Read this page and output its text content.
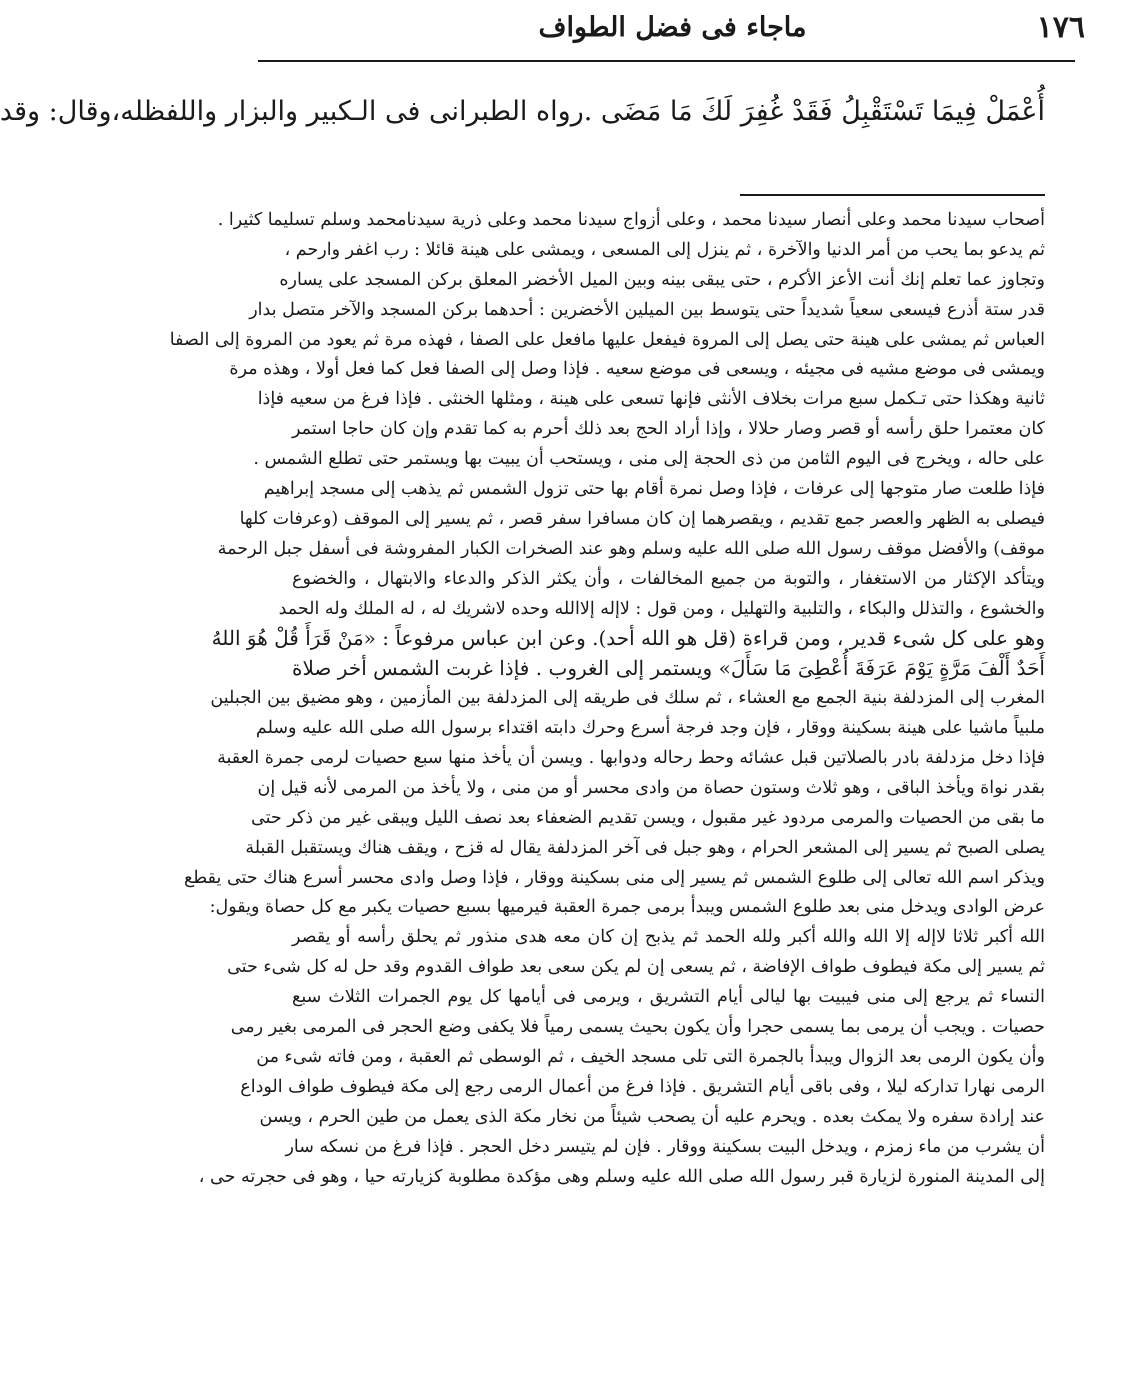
١٧٦
ماجاء فى فضل الطواف
أُعْمَلْ فِيمَا تَسْتَقْبِلُ فَقَدْ غُفِرَ لَكَ مَا مَضَى .رواه الطبرانى فى الـكبير والبزار واللفظله،وقال: وقد
أصحاب سيدنا محمد وعلى أنصار سيدنا محمد ، وعلى أزواج سيدنا محمد وعلى ذرية سيدنامحمد وسلم تسليما كثيرا .
ثم يدعو بما يحب من أمر الدنيا والآخرة ، ثم ينزل إلى المسعى ، ويمشى على هينة قائلا : رب اغفر وارحم ،
وتجاوز عما تعلم إنك أنت الأعز الأكرم ، حتى يبقى بينه وبين الميل الأخضر المعلق بركن المسجد على يساره
قدر ستة أذرع فيسعى سعياً شديداً حتى يتوسط بين الميلين الأخضرين : أحدهما بركن المسجد والآخر متصل بدار
العباس ثم يمشى على هينة حتى يصل إلى المروة فيفعل عليها مافعل على الصفا ، فهذه مرة ثم يعود من المروة إلى الصفا
ويمشى فى موضع مشيه فى مجيئه ، ويسعى فى موضع سعيه . فإذا وصل إلى الصفا فعل كما فعل أولا ، وهذه مرة
ثانية وهكذا حتى تـكمل سبع مرات بخلاف الأنثى فإنها تسعى على هينة ، ومثلها الخنثى . فإذا فرغ من سعيه فإذا
كان معتمرا حلق رأسه أو قصر وصار حلالا ، وإذا أراد الحج بعد ذلك أحرم به كما تقدم وإن كان حاجا استمر
على حاله ، ويخرج فى اليوم الثامن من ذى الحجة إلى منى ، ويستحب أن يبيت بها ويستمر حتى تطلع الشمس .
فإذا طلعت صار متوجها إلى عرفات ، فإذا وصل نمرة أقام بها حتى تزول الشمس ثم يذهب إلى مسجد إبراهيم
فيصلى به الظهر والعصر جمع تقديم ، ويقصرهما إن كان مسافرا سفر قصر ، ثم يسير إلى الموقف (وعرفات كلها
موقف) والأفضل موقف رسول الله صلى الله عليه وسلم وهو عند الصخرات الكبار المفروشة فى أسفل جبل الرحمة
ويتأكد الإكثار من الاستغفار ، والتوبة من جميع المخالفات ، وأن يكثر الذكر والدعاء والابتهال ، والخضوع
والخشوع ، والتذلل والبكاء ، والتلبية والتهليل ، ومن قول : لاإله إلاالله وحده لاشريك له ، له الملك وله الحمد
وهو على كل شىء قدير ، ومن قراءة (قل هو الله أحد). وعن ابن عباس مرفوعاً : «مَنْ قَرَأَ قُلْ هُوَ اللهُ
أَحَدٌ أَلْفَ مَرَّةٍ يَوْمَ عَرَفَةَ أُعْطِىَ مَا سَأَلَ» ويستمر إلى الغروب . فإذا غربت الشمس أخر صلاة
المغرب إلى المزدلفة بنية الجمع مع العشاء ، ثم سلك فى طريقه إلى المزدلفة بين المأزمين ، وهو مضيق بين الجبلين
ملبياً ماشيا على هينة بسكينة ووقار ، فإن وجد فرجة أسرع وحرك دابته اقتداء برسول الله صلى الله عليه وسلم
فإذا دخل مزدلفة بادر بالصلاتين قبل عشائه وحط رحاله ودوابها . ويسن أن يأخذ منها سبع حصيات لرمى جمرة العقبة
بقدر نواة ويأخذ الباقى ، وهو ثلاث وستون حصاة من وادى محسر أو من منى ، ولا يأخذ من المرمى لأنه قيل إن
ما بقى من الحصيات والمرمى مردود غير مقبول ، ويسن تقديم الضعفاء بعد نصف الليل ويبقى غير من ذكر حتى
يصلى الصبح ثم يسير إلى المشعر الحرام ، وهو جبل فى آخر المزدلفة يقال له قزح ، ويقف هناك ويستقبل القبلة
ويذكر اسم الله تعالى إلى طلوع الشمس ثم يسير إلى منى بسكينة ووقار ، فإذا وصل وادى محسر أسرع هناك حتى يقطع
عرض الوادى ويدخل منى بعد طلوع الشمس ويبدأ برمى جمرة العقبة فيرميها بسبع حصيات يكبر مع كل حصاة ويقول:
الله أكبر ثلاثا لاإله إلا الله والله أكبر ولله الحمد ثم يذبح إن كان معه هدى منذور ثم يحلق رأسه أو يقصر
ثم يسير إلى مكة فيطوف طواف الإفاضة ، ثم يسعى إن لم يكن سعى بعد طواف القدوم وقد حل له كل شىء حتى
النساء ثم يرجع إلى منى فيبيت بها ليالى أيام التشريق ، ويرمى فى أيامها كل يوم الجمرات الثلاث سبع
حصيات . ويجب أن يرمى بما يسمى حجرا وأن يكون بحيث يسمى رمياً فلا يكفى وضع الحجر فى المرمى بغير رمى
وأن يكون الرمى بعد الزوال ويبدأ بالجمرة التى تلى مسجد الخيف ، ثم الوسطى ثم العقبة ، ومن فاته شىء من
الرمى نهارا تداركه ليلا ، وفى باقى أيام التشريق . فإذا فرغ من أعمال الرمى رجع إلى مكة فيطوف طواف الوداع
عند إرادة سفره ولا يمكث بعده . ويحرم عليه أن يصحب شيئاً من نخار مكة الذى يعمل من طين الحرم ، ويسن
أن يشرب من ماء زمزم ، ويدخل البيت بسكينة ووقار . فإن لم يتيسر دخل الحجر . فإذا فرغ من نسكه سار
إلى المدينة المنورة لزيارة قبر رسول الله صلى الله عليه وسلم وهى مؤكدة مطلوبة كزيارته حيا ، وهو فى حجرته حى ،
